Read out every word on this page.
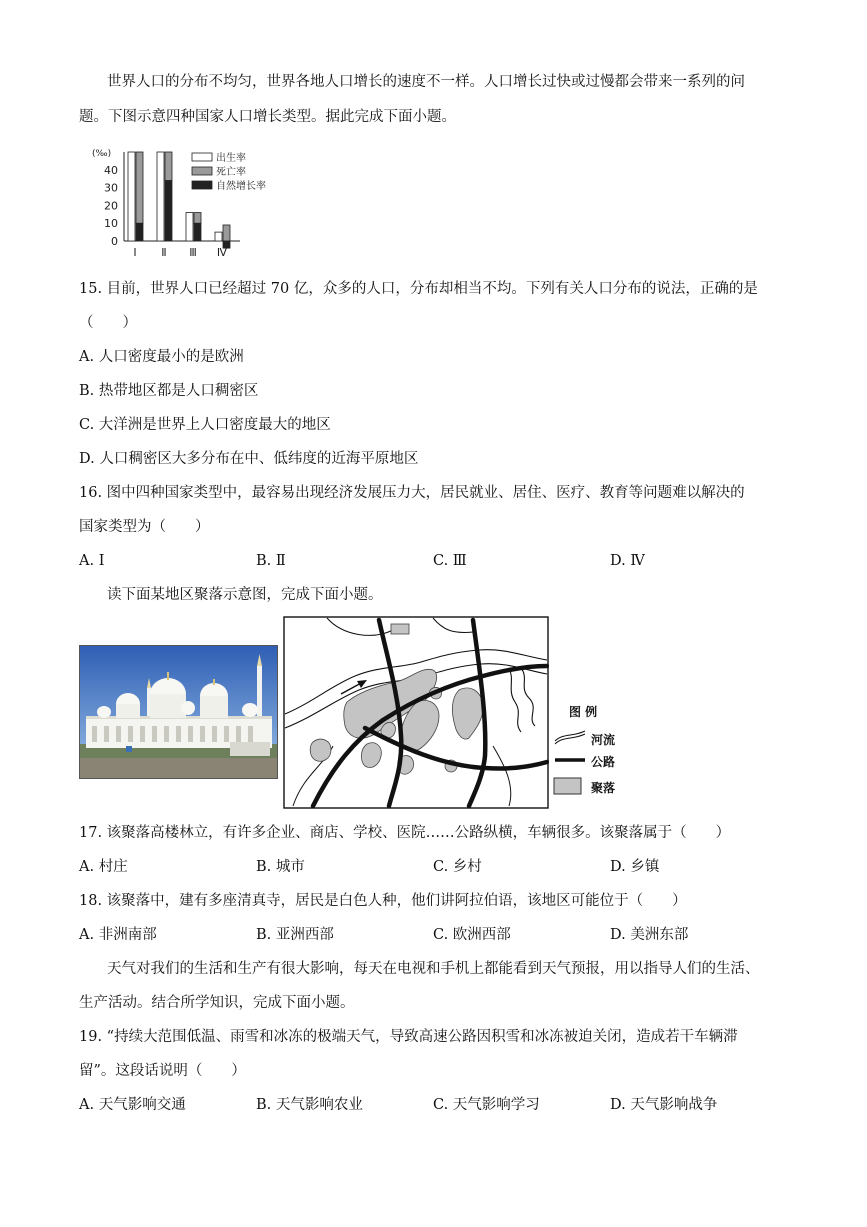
世界人口的分布不均匀，世界各地人口增长的速度不一样。人口增长过快或过慢都会带来一系列的问
题。下图示意四种国家人口增长类型。据此完成下面小题。
(‰)
40
30
20
10
0
Ⅰ Ⅱ Ⅲ Ⅳ
出生率
死亡率
自然增长率
15. 目前，世界人口已经超过 70 亿，众多的人口，分布却相当不均。下列有关人口分布的说法，正确的是
（　　）
A. 人口密度最小的是欧洲
B. 热带地区都是人口稠密区
C. 大洋洲是世界上人口密度最大的地区
D. 人口稠密区大多分布在中、低纬度的近海平原地区
16. 图中四种国家类型中，最容易出现经济发展压力大，居民就业、居住、医疗、教育等问题难以解决的
国家类型为（　　）
A. Ⅰ	B. Ⅱ	C. Ⅲ	D. Ⅳ
读下面某地区聚落示意图，完成下面小题。
图 例
河流
公路
聚落
17. 该聚落高楼林立，有许多企业、商店、学校、医院……公路纵横，车辆很多。该聚落属于（　　）
A. 村庄	B. 城市	C. 乡村	D. 乡镇
18. 该聚落中，建有多座清真寺，居民是白色人种，他们讲阿拉伯语，该地区可能位于（　　）
A. 非洲南部	B. 亚洲西部	C. 欧洲西部	D. 美洲东部
天气对我们的生活和生产有很大影响，每天在电视和手机上都能看到天气预报，用以指导人们的生活、
生产活动。结合所学知识，完成下面小题。
19. “持续大范围低温、雨雪和冰冻的极端天气，导致高速公路因积雪和冰冻被迫关闭，造成若干车辆滞
留”。这段话说明（　　）
A. 天气影响交通	B. 天气影响农业	C. 天气影响学习	D. 天气影响战争
